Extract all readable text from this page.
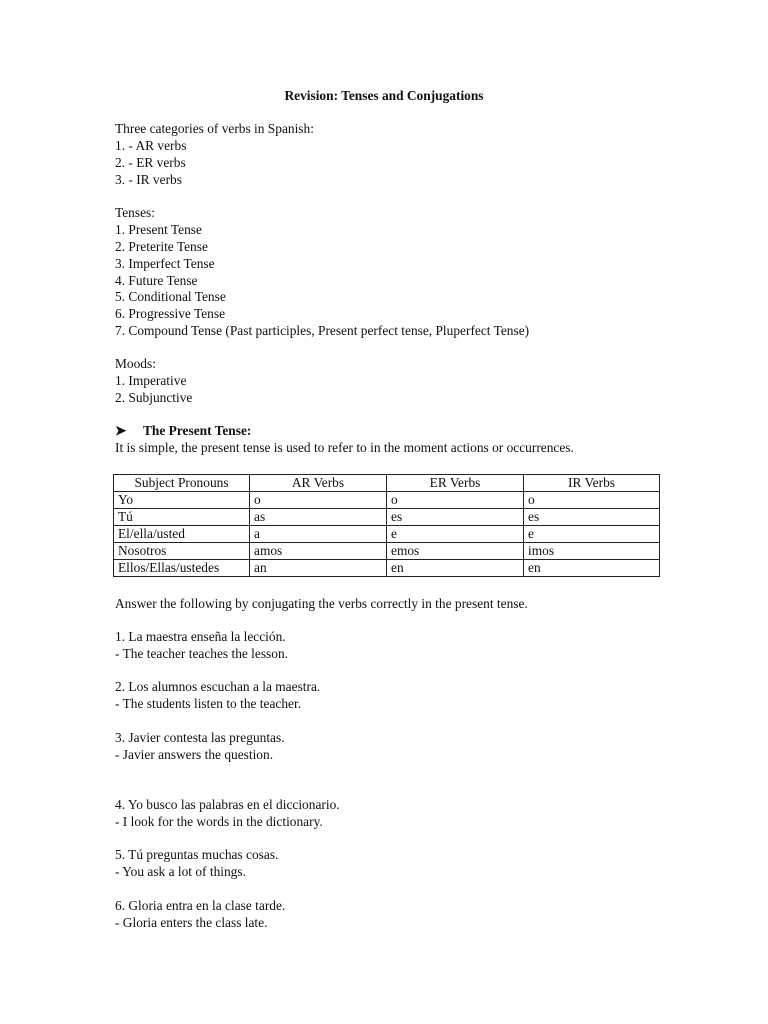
Revision: Tenses and Conjugations
Three categories of verbs in Spanish:
1. - AR verbs
2. - ER verbs
3. - IR verbs
Tenses:
1. Present Tense
2. Preterite Tense
3. Imperfect Tense
4. Future Tense
5. Conditional Tense
6. Progressive Tense
7. Compound Tense (Past participles, Present perfect tense, Pluperfect Tense)
Moods:
1. Imperative
2. Subjunctive
➤ The Present Tense:
It is simple, the present tense is used to refer to in the moment actions or occurrences.
Subject Pronouns	AR Verbs	ER Verbs	IR Verbs
Yo	o	o	o
Tú	as	es	es
El/ella/usted	a	e	e
Nosotros	amos	emos	imos
Ellos/Ellas/ustedes	an	en	en
Answer the following by conjugating the verbs correctly in the present tense.
1. La maestra enseña la lección.
- The teacher teaches the lesson.
2. Los alumnos escuchan a la maestra.
- The students listen to the teacher.
3. Javier contesta las preguntas.
- Javier answers the question.
4. Yo busco las palabras en el diccionario.
- I look for the words in the dictionary.
5. Tú preguntas muchas cosas.
- You ask a lot of things.
6. Gloria entra en la clase tarde.
- Gloria enters the class late.
